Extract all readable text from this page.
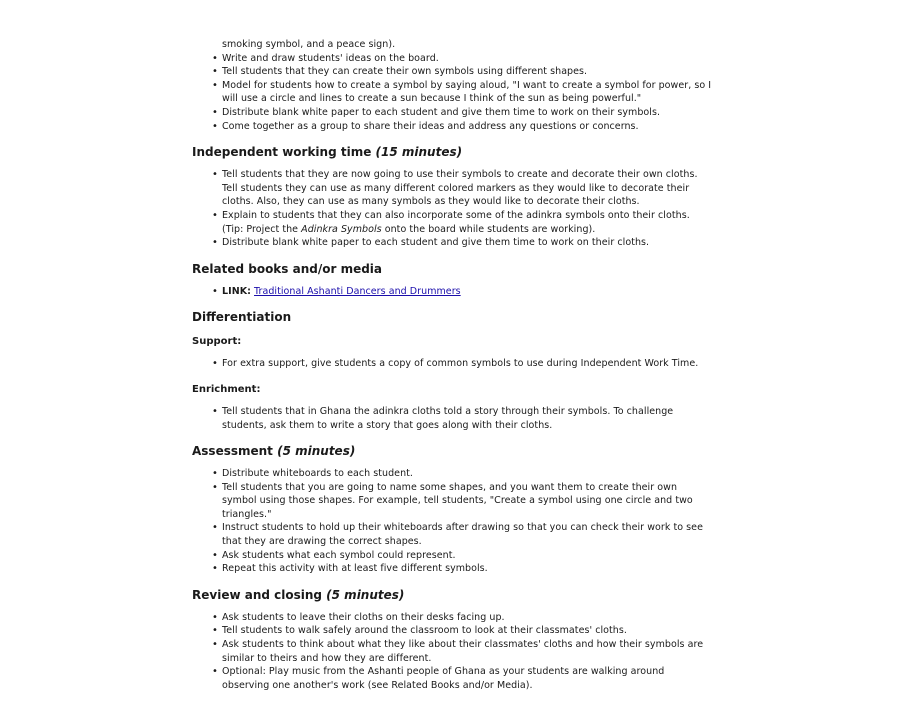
smoking symbol, and a peace sign).
• Write and draw students' ideas on the board.
• Tell students that they can create their own symbols using different shapes.
• Model for students how to create a symbol by saying aloud, "I want to create a symbol for power, so I will use a circle and lines to create a sun because I think of the sun as being powerful."
• Distribute blank white paper to each student and give them time to work on their symbols.
• Come together as a group to share their ideas and address any questions or concerns.
Independent working time (15 minutes)
• Tell students that they are now going to use their symbols to create and decorate their own cloths. Tell students they can use as many different colored markers as they would like to decorate their cloths. Also, they can use as many symbols as they would like to decorate their cloths.
• Explain to students that they can also incorporate some of the adinkra symbols onto their cloths. (Tip: Project the Adinkra Symbols onto the board while students are working).
• Distribute blank white paper to each student and give them time to work on their cloths.
Related books and/or media
• LINK: Traditional Ashanti Dancers and Drummers
Differentiation
Support:
• For extra support, give students a copy of common symbols to use during Independent Work Time.
Enrichment:
• Tell students that in Ghana the adinkra cloths told a story through their symbols. To challenge students, ask them to write a story that goes along with their cloths.
Assessment (5 minutes)
• Distribute whiteboards to each student.
• Tell students that you are going to name some shapes, and you want them to create their own symbol using those shapes. For example, tell students, "Create a symbol using one circle and two triangles."
• Instruct students to hold up their whiteboards after drawing so that you can check their work to see that they are drawing the correct shapes.
• Ask students what each symbol could represent.
• Repeat this activity with at least five different symbols.
Review and closing (5 minutes)
• Ask students to leave their cloths on their desks facing up.
• Tell students to walk safely around the classroom to look at their classmates' cloths.
• Ask students to think about what they like about their classmates' cloths and how their symbols are similar to theirs and how they are different.
• Optional: Play music from the Ashanti people of Ghana as your students are walking around observing one another's work (see Related Books and/or Media).
